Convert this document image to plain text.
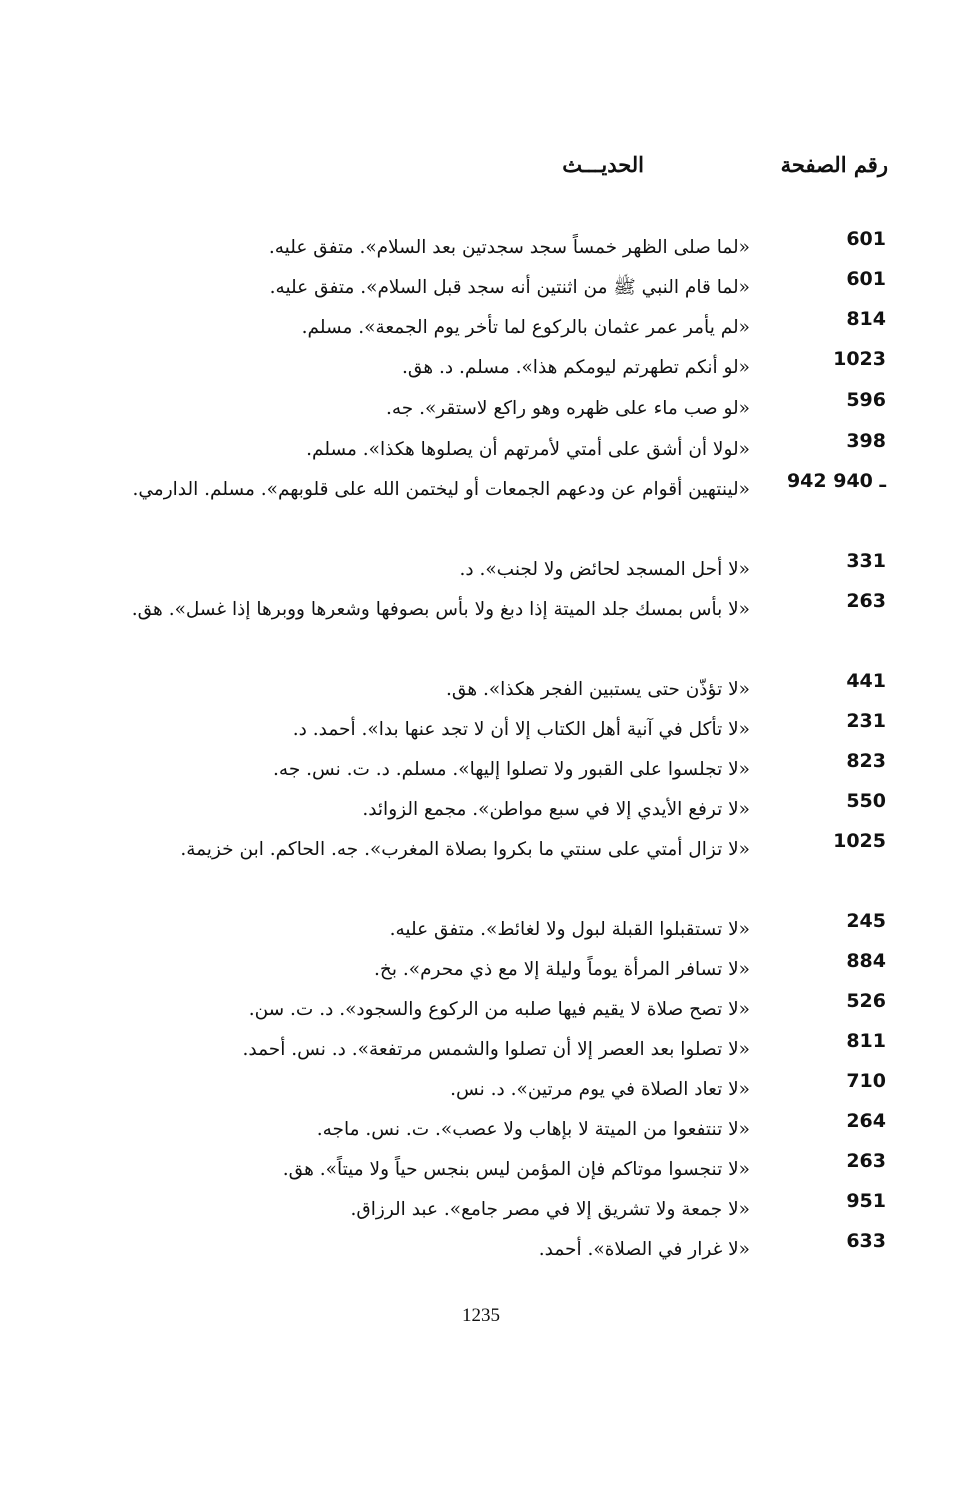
رقم الصفحة
الحديـــث
601
«لما صلى الظهر خمساً سجد سجدتين بعد السلام». متفق عليه.
601
«لما قام النبي ﷺ من اثنتين أنه سجد قبل السلام». متفق عليه.
814
«لم يأمر عمر عثمان بالركوع لما تأخر يوم الجمعة». مسلم.
1023
«لو أنكم تطهرتم ليومكم هذا». مسلم. د. هق.
596
«لو صب ماء على ظهره وهو راكع لاستقر». جه.
398
«لولا أن أشق على أمتي لأمرتهم أن يصلوها هكذا». مسلم.
942 ـ 940
«لينتهين أقوام عن ودعهم الجمعات أو ليختمن الله على قلوبهم». مسلم. الدارمي.
331
«لا أحل المسجد لحائض ولا لجنب». د.
263
«لا بأس بمسك جلد الميتة إذا دبغ ولا بأس بصوفها وشعرها ووبرها إذا غسل». هق.
441
«لا تؤذّن حتى يستبين الفجر هكذا». هق.
231
«لا تأكل في آنية أهل الكتاب إلا أن لا تجد عنها بدا». أحمد. د.
823
«لا تجلسوا على القبور ولا تصلوا إليها». مسلم. د. ت. نس. جه.
550
«لا ترفع الأيدي إلا في سبع مواطن». مجمع الزوائد.
1025
«لا تزال أمتي على سنتي ما بكروا بصلاة المغرب». جه. الحاكم. ابن خزيمة.
245
«لا تستقبلوا القبلة لبول ولا لغائط». متفق عليه.
884
«لا تسافر المرأة يوماً وليلة إلا مع ذي محرم». بخ.
526
«لا تصح صلاة لا يقيم فيها صلبه من الركوع والسجود». د. ت. سن.
811
«لا تصلوا بعد العصر إلا أن تصلوا والشمس مرتفعة». د. نس. أحمد.
710
«لا تعاد الصلاة في يوم مرتين». د. نس.
264
«لا تنتفعوا من الميتة لا بإهاب ولا عصب». ت. نس. ماجه.
263
«لا تنجسوا موتاكم فإن المؤمن ليس بنجس حياً ولا ميتاً». هق.
951
«لا جمعة ولا تشريق إلا في مصر جامع». عبد الرزاق.
633
«لا غرار في الصلاة». أحمد.
1235
